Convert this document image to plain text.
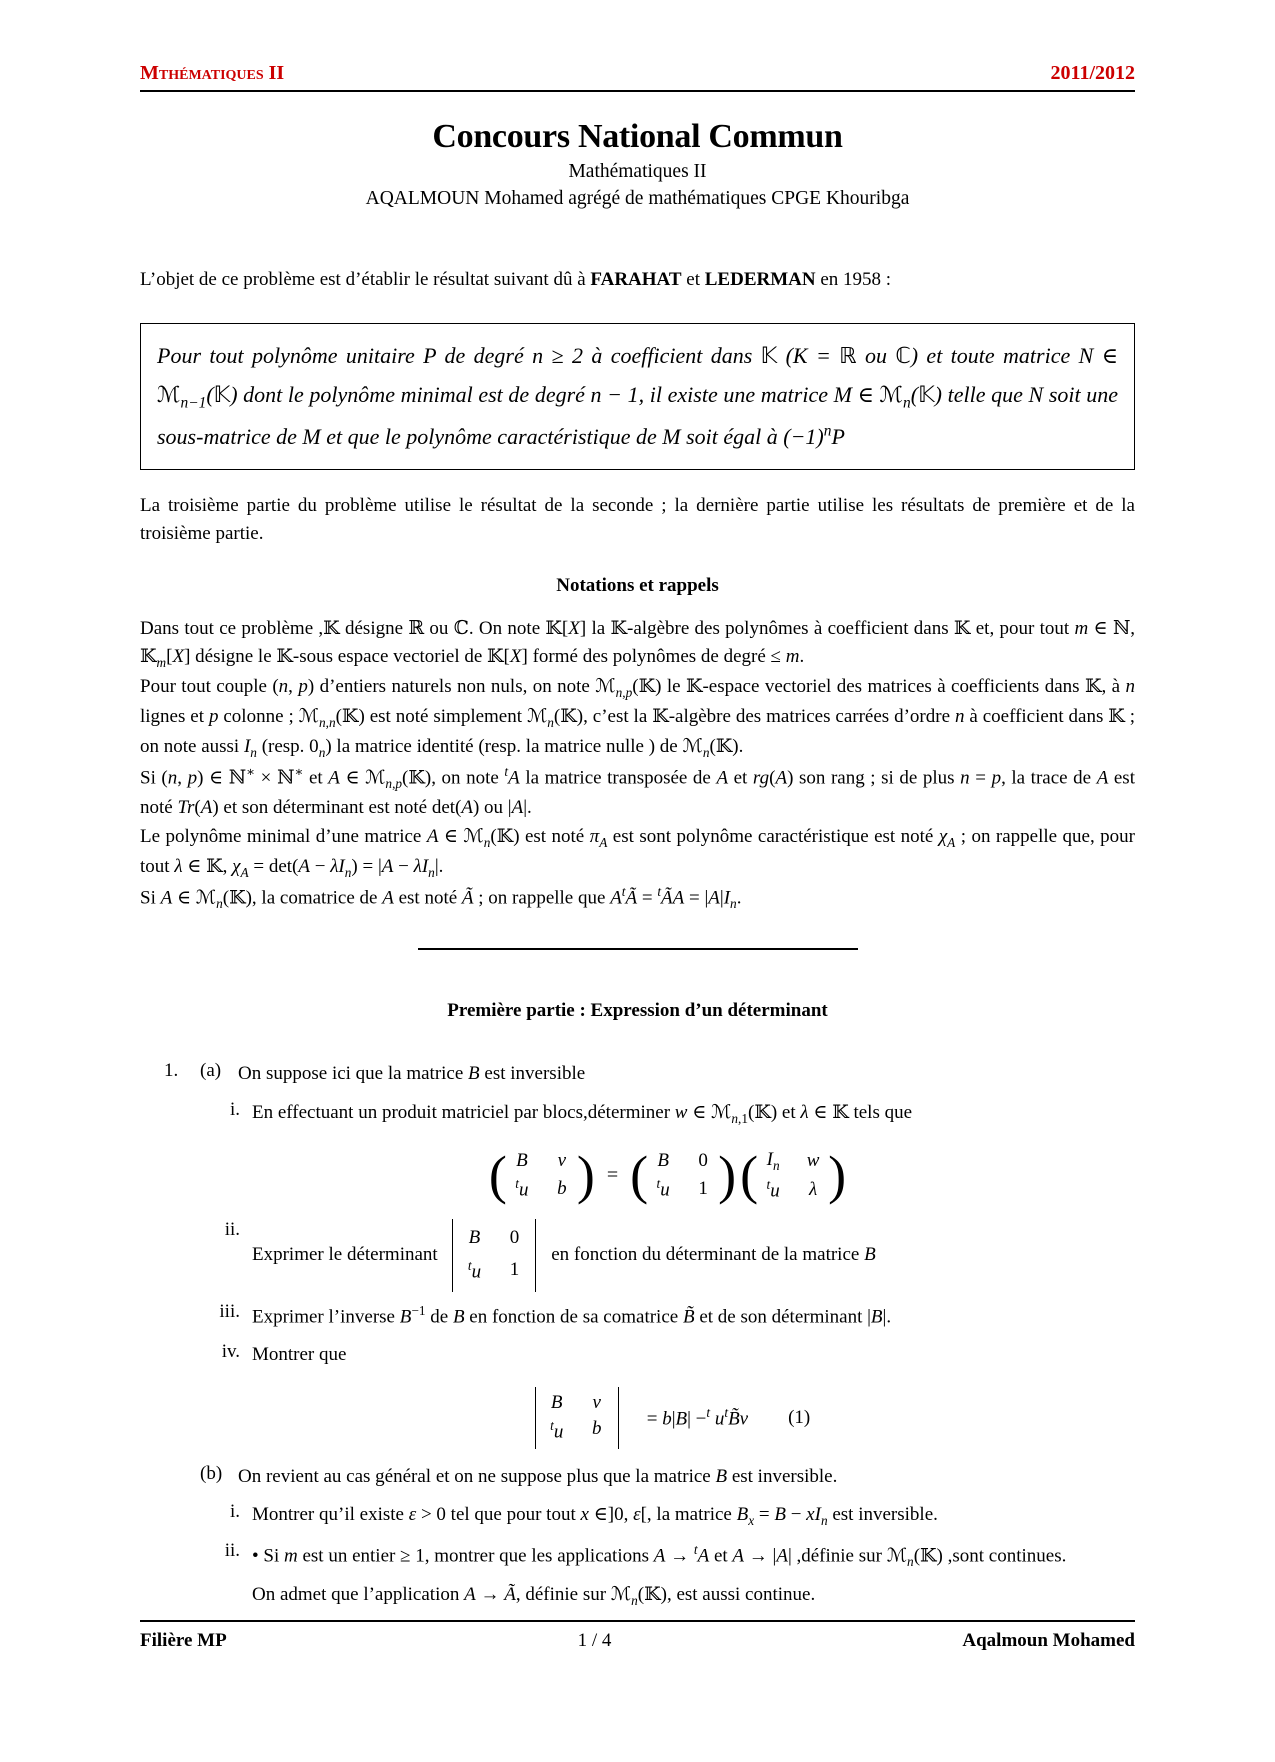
Mthématiques II	2011/2012
Concours National Commun
Mathématiques II
AQALMOUN Mohamed agrégé de mathématiques CPGE Khouribga

L’objet de ce problème est d’établir le résultat suivant dû à FARAHAT et LEDERMAN en 1958 :

Pour tout polynôme unitaire P de degré n ≥ 2 à coefficient dans 𝕂 (K = ℝ ou ℂ) et toute matrice N ∈ ℳ$_{n-1}$(𝕂) dont le polynôme minimal est de degré n − 1, il existe une matrice M ∈ ℳ$_n$(𝕂) telle que N soit une sous-matrice de M et que le polynôme caractéristique de M soit égal à $(-1)^nP$

La troisième partie du problème utilise le résultat de la seconde ; la dernière partie utilise les résultats de première et de la troisième partie.

Notations et rappels

Dans tout ce problème ,𝕂 désigne ℝ ou ℂ. On note 𝕂[X] la 𝕂-algèbre des polynômes à coefficient dans 𝕂 et, pour tout m ∈ ℕ, 𝕂$_m$[X] désigne le 𝕂-sous espace vectoriel de 𝕂[X] formé des polynômes de degré ≤ m.

Pour tout couple (n, p) d’entiers naturels non nuls, on note ℳ$_{n,p}$(𝕂) le 𝕂-espace vectoriel des matrices à coefficients dans 𝕂, à n lignes et p colonne ; ℳ$_{n,n}$(𝕂) est noté simplement ℳ$_n$(𝕂), c’est la 𝕂-algèbre des matrices carrées d’ordre n à coefficient dans 𝕂 ; on note aussi $I_n$ (resp. $0_n$) la matrice identité (resp. la matrice nulle ) de ℳ$_n$(𝕂).

Si (n, p) ∈ ℕ∗ × ℕ∗ et A ∈ ℳ$_{n,p}$(𝕂), on note $^t$A la matrice transposée de A et rg(A) son rang ; si de plus n = p, la trace de A est noté Tr(A) et son déterminant est noté det(A) ou |A|.

Le polynôme minimal d’une matrice A ∈ ℳ$_n$(𝕂) est noté $\pi_A$ est sont polynôme caractéristique est noté $\chi_A$ ; on rappelle que, pour tout λ ∈ 𝕂, $\chi_A = \det(A - \lambda I_n) = |A - \lambda I_n|$.

Si A ∈ ℳ$_n$(𝕂), la comatrice de A est noté Ã ; on rappelle que $A^tÃ$ = $^t$ÃA = $|A|I_n$.

Première partie : Expression d’un déterminant
1.	(a) On suppose ici que la matrice B est inversible
i. En effectuant un produit matriciel par blocs,déterminer w ∈ ℳ$_{n,1}$(𝕂) et λ ∈ 𝕂 tels que
( B v
$^t$u b ) = ( B 0
$^t$u 1 ) ( $I_n$ w
$^t$u λ )
ii.
Exprimer le déterminant
B 0
$^t$u 1
en fonction du déterminant de la matrice B
iii. Exprimer l’inverse $B^{-1}$ de B en fonction de sa comatrice B̃ et de son déterminant |B|.
iv. Montrer que
B v
$^t$u b = b|B| −$^t$ $u^tB̃v$ (1)
(b) On revient au cas général et on ne suppose plus que la matrice B est inversible.
i. Montrer qu’il existe ε > 0 tel que pour tout x ∈]0, ε[, la matrice $B_x = B - xI_n$ est inversible.
ii. • Si m est un entier ≥ 1, montrer que les applications A → $^t$A et A → |A| ,définie sur ℳ$_n$(𝕂) ,sont continues.
On admet que l’application A → Ã, définie sur ℳ$_n$(𝕂), est aussi continue.
Filière MP	1 / 4	Aqalmoun Mohamed
